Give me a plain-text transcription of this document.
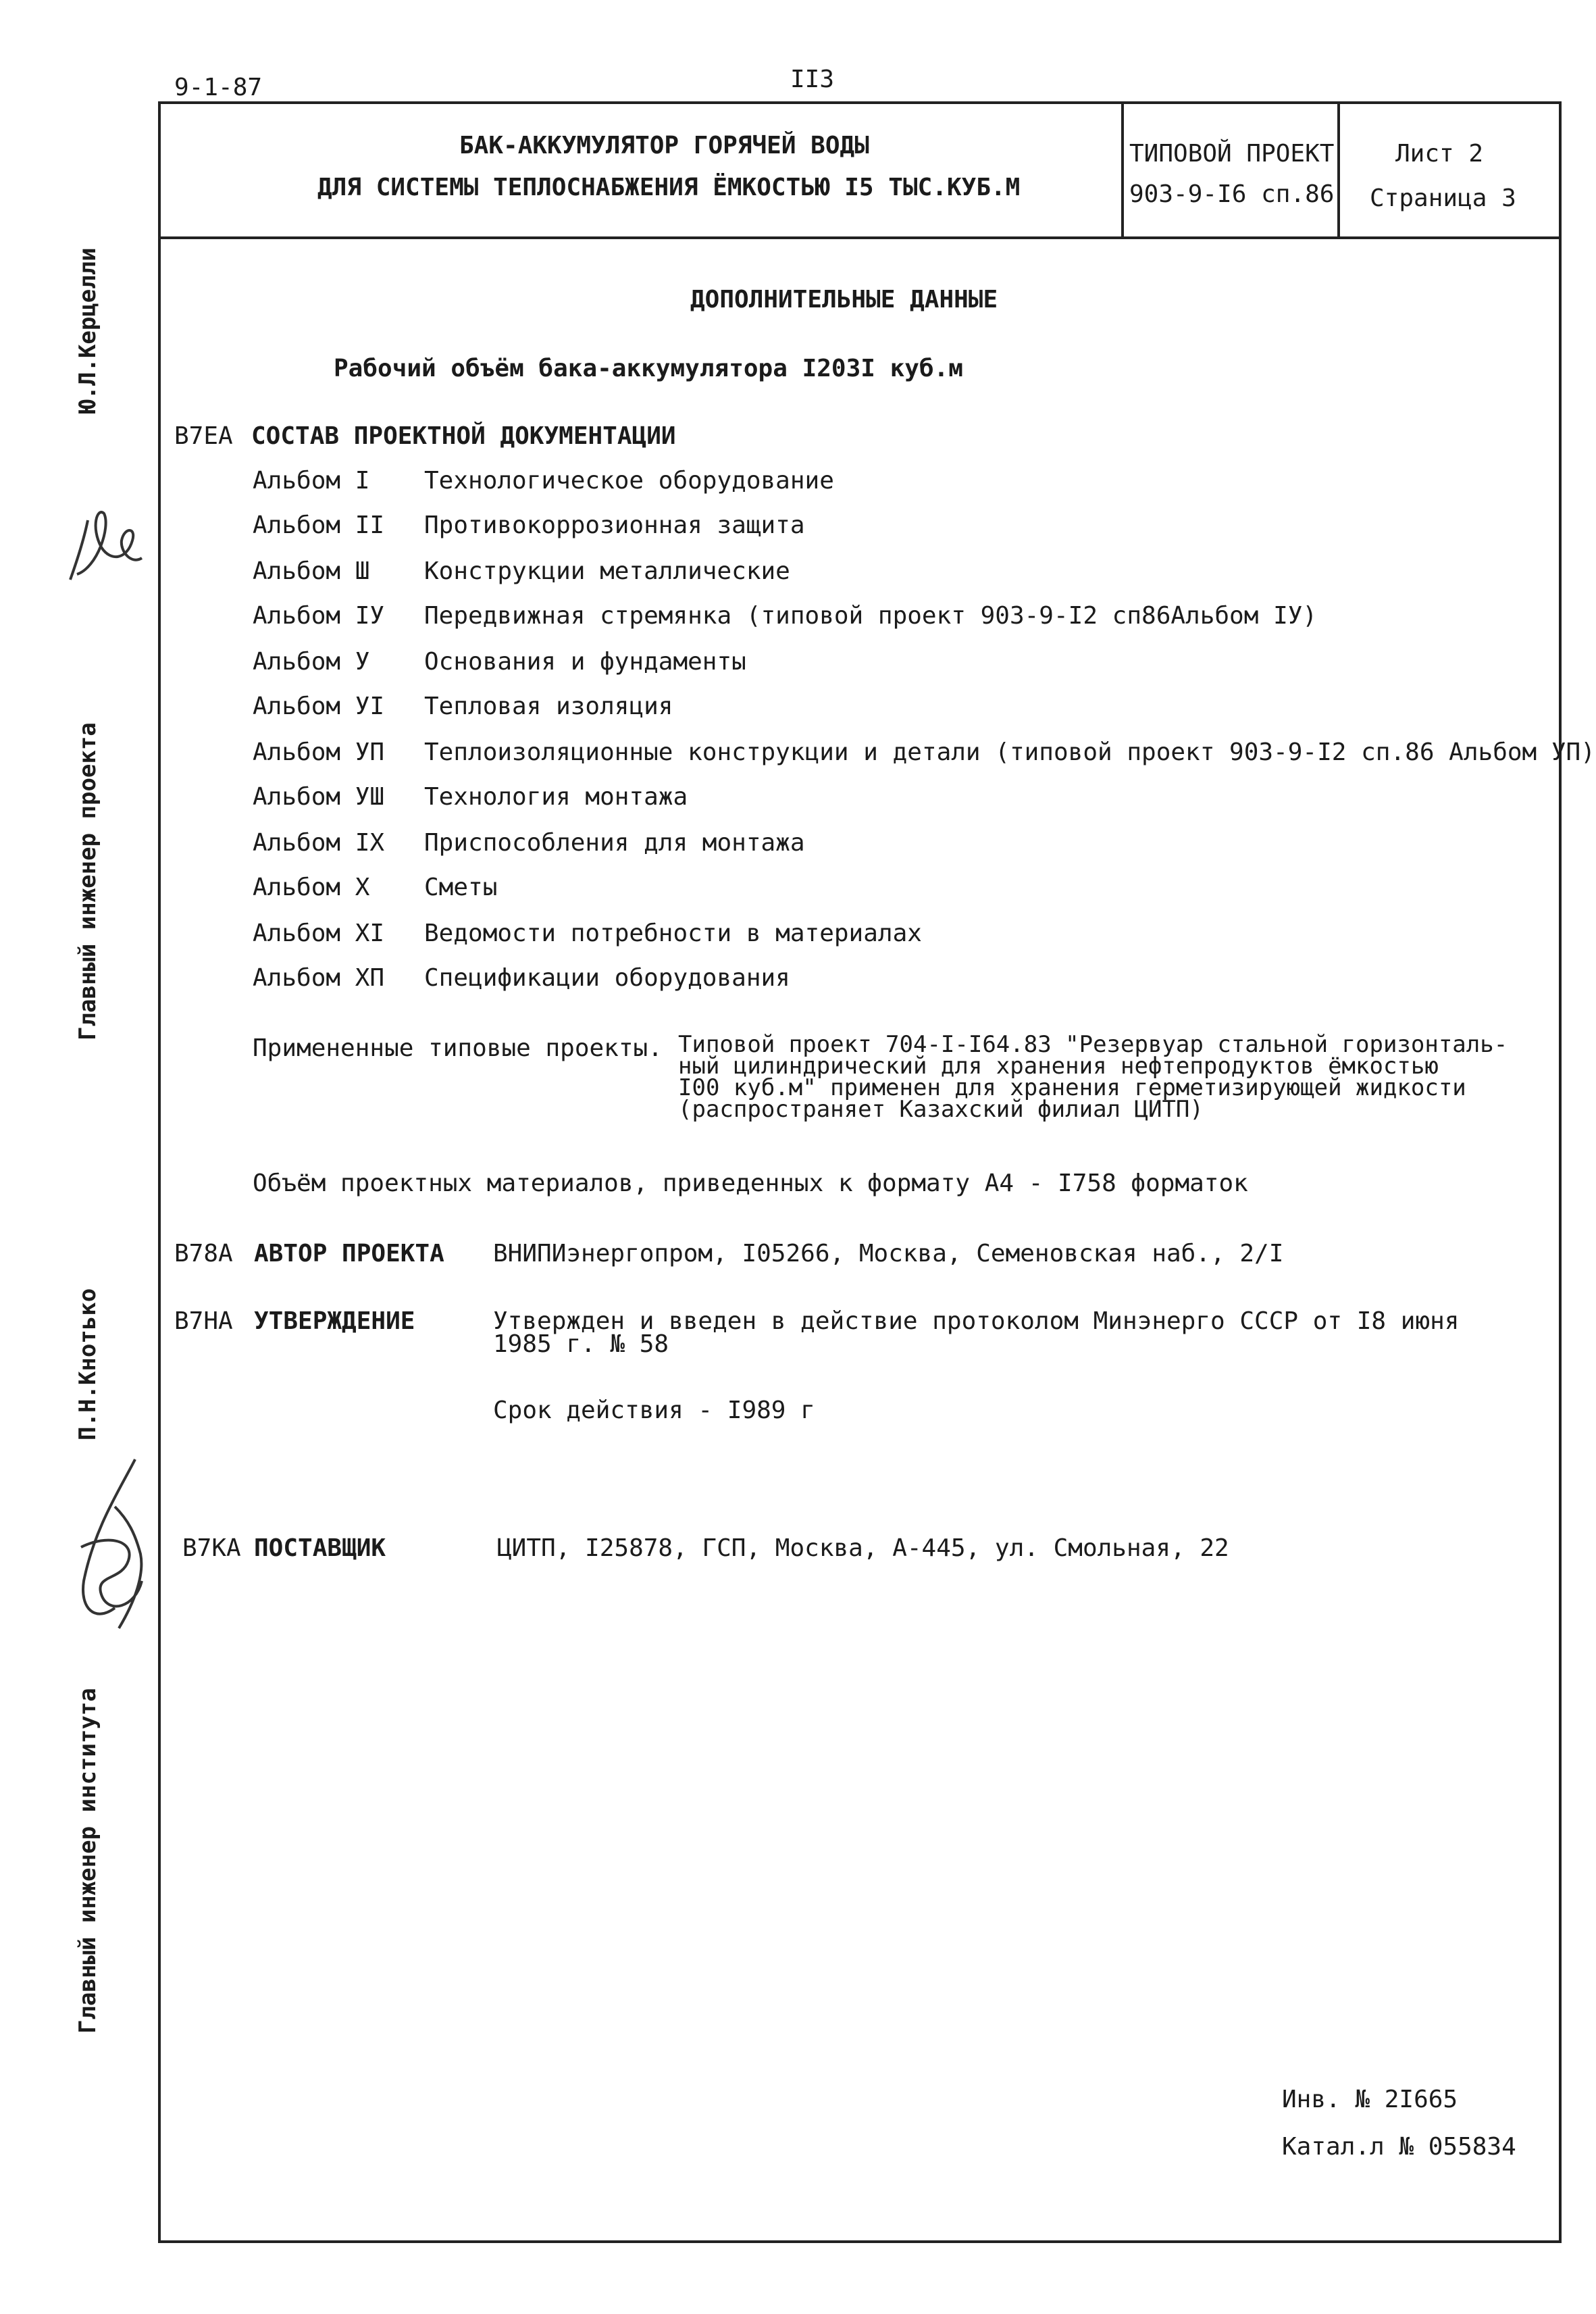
9-1-87	II3
БАК-АККУМУЛЯТОР ГОРЯЧЕЙ ВОДЫ
ДЛЯ СИСТЕМЫ ТЕПЛОСНАБЖЕНИЯ ЁМКОСТЬЮ I5 ТЫС.КУБ.М
ТИПОВОЙ ПРОЕКТ
903-9-I6 сп.86
Лист 2
Страница 3
Ю.Л.Керцелли
Главный инженер проекта
П.Н.Кнотько
Главный инженер института
ДОПОЛНИТЕЛЬНЫЕ ДАННЫЕ
Рабочий объём бака-аккумулятора I203I куб.м
В7ЕА СОСТАВ ПРОЕКТНОЙ ДОКУМЕНТАЦИИ
Альбом I Технологическое оборудование
Альбом II Противокоррозионная защита
Альбом Ш Конструкции металлические
Альбом IУ Передвижная стремянка (типовой проект 903-9-I2 сп86Альбом IУ)
Альбом У Основания и фундаменты
Альбом УI Тепловая изоляция
Альбом УП Теплоизоляционные конструкции и детали (типовой проект 903-9-I2 сп.86 Альбом УП)
Альбом УШ Технология монтажа
Альбом IX Приспособления для монтажа
Альбом X Сметы
Альбом XI Ведомости потребности в материалах
Альбом XП Спецификации оборудования
Примененные типовые проекты. Типовой проект 704-I-I64.83 "Резервуар стальной горизонталь-
ный цилиндрический для хранения нефтепродуктов ёмкостью
I00 куб.м" применен для хранения герметизирующей жидкости
(распространяет Казахский филиал ЦИТП)
Объём проектных материалов, приведенных к формату А4 - I758 форматок
В78А АВТОР ПРОЕКТА ВНИПИэнергопром, I05266, Москва, Семеновская наб., 2/I
В7НА УТВЕРЖДЕНИЕ	Утвержден и введен в действие протоколом Минэнерго СССР от I8 июня
1985 г. № 58
Срок действия - I989 г
В7КА ПОСТАВЩИК	ЦИТП, I25878, ГСП, Москва, А-445, ул. Смольная, 22
Инв. № 2I665
Катал.л № 055834
